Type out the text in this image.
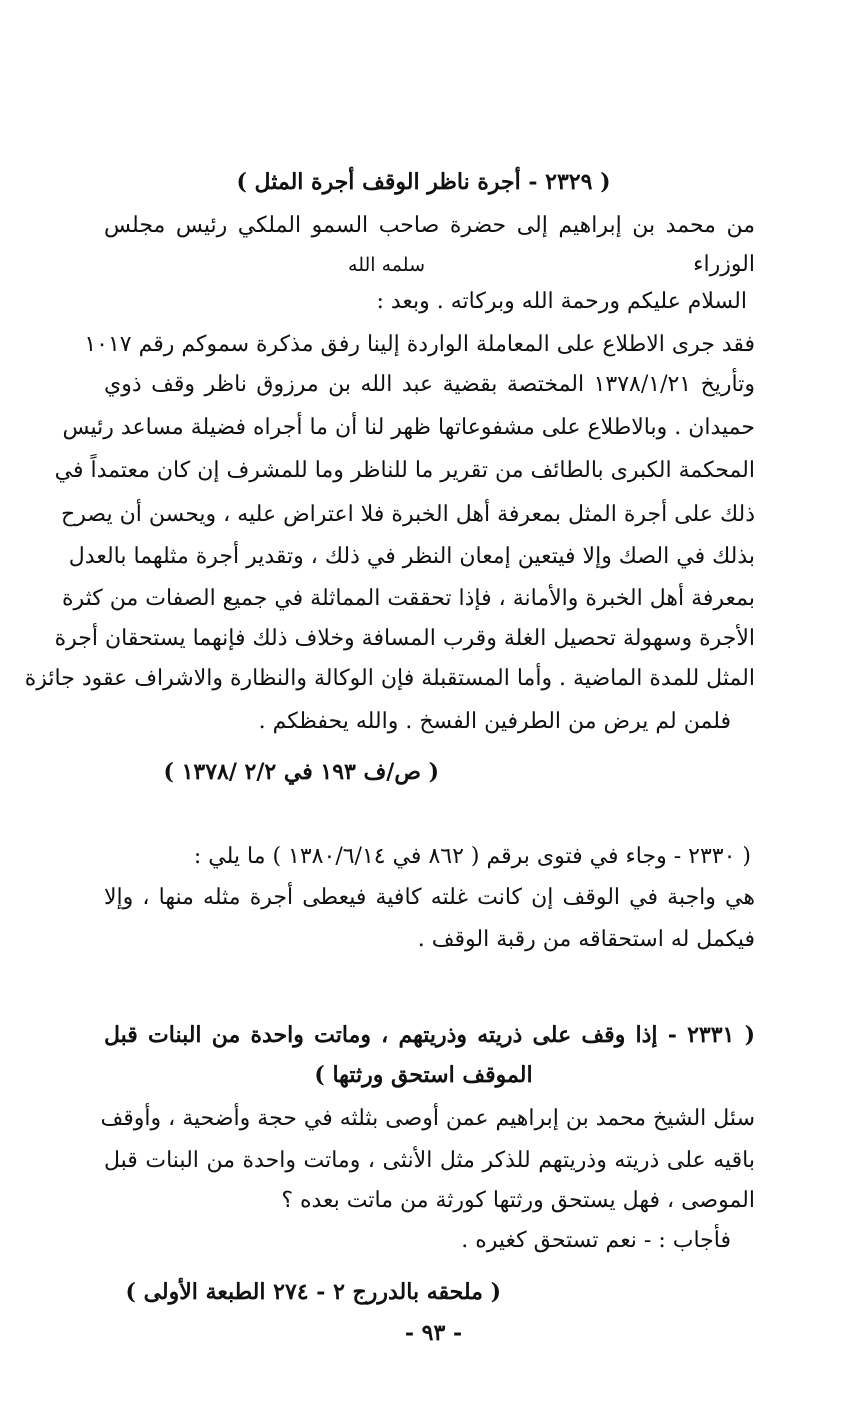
( ٢٣٢٩ - أجرة ناظر الوقف أجرة المثل )
من محمد بن إبراهيم إلى حضرة صاحب السمو الملكي رئيس مجلس
الوزراء
سلمه الله
السلام عليكم ورحمة الله وبركاته . وبعد :
فقد جرى الاطلاع على المعاملة الواردة إلينا رفق مذكرة سموكم رقم ١٠١٧
وتأريخ ١٣٧٨/١/٢١ المختصة بقضية عبد الله بن مرزوق ناظر وقف ذوي
حميدان . وبالاطلاع على مشفوعاتها ظهر لنا أن ما أجراه فضيلة مساعد رئيس
المحكمة الكبرى بالطائف من تقرير ما للناظر وما للمشرف إن كان معتمداً في
ذلك على أجرة المثل بمعرفة أهل الخبرة فلا اعتراض عليه ، ويحسن أن يصرح
بذلك في الصك وإلا فيتعين إمعان النظر في ذلك ، وتقدير أجرة مثلهما بالعدل
بمعرفة أهل الخبرة والأمانة ، فإذا تحققت المماثلة في جميع الصفات من كثرة
الأجرة وسهولة تحصيل الغلة وقرب المسافة وخلاف ذلك فإنهما يستحقان أجرة
المثل للمدة الماضية . وأما المستقبلة فإن الوكالة والنظارة والاشراف عقود جائزة
فلمن لم يرض من الطرفين الفسخ . والله يحفظكم .
( ص/ف ١٩٣ في ٢/٢ /١٣٧٨ )
( ٢٣٣٠ - وجاء في فتوى برقم ( ٨٦٢ في ١٣٨٠/٦/١٤ ) ما يلي :
هي واجبة في الوقف إن كانت غلته كافية فيعطى أجرة مثله منها ، وإلا
فيكمل له استحقاقه من رقبة الوقف .
( ٢٣٣١ - إذا وقف على ذريته وذريتهم ، وماتت واحدة من البنات قبل
الموقف استحق ورثتها )
سئل الشيخ محمد بن إبراهيم عمن أوصى بثلثه في حجة وأضحية ، وأوقف
باقيه على ذريته وذريتهم للذكر مثل الأنثى ، وماتت واحدة من البنات قبل
الموصى ، فهل يستحق ورثتها كورثة من ماتت بعده ؟
فأجاب : - نعم تستحق كغيره .
( ملحقه بالدررج ٢ - ٢٧٤ الطبعة الأولى )
- ٩٣ -
